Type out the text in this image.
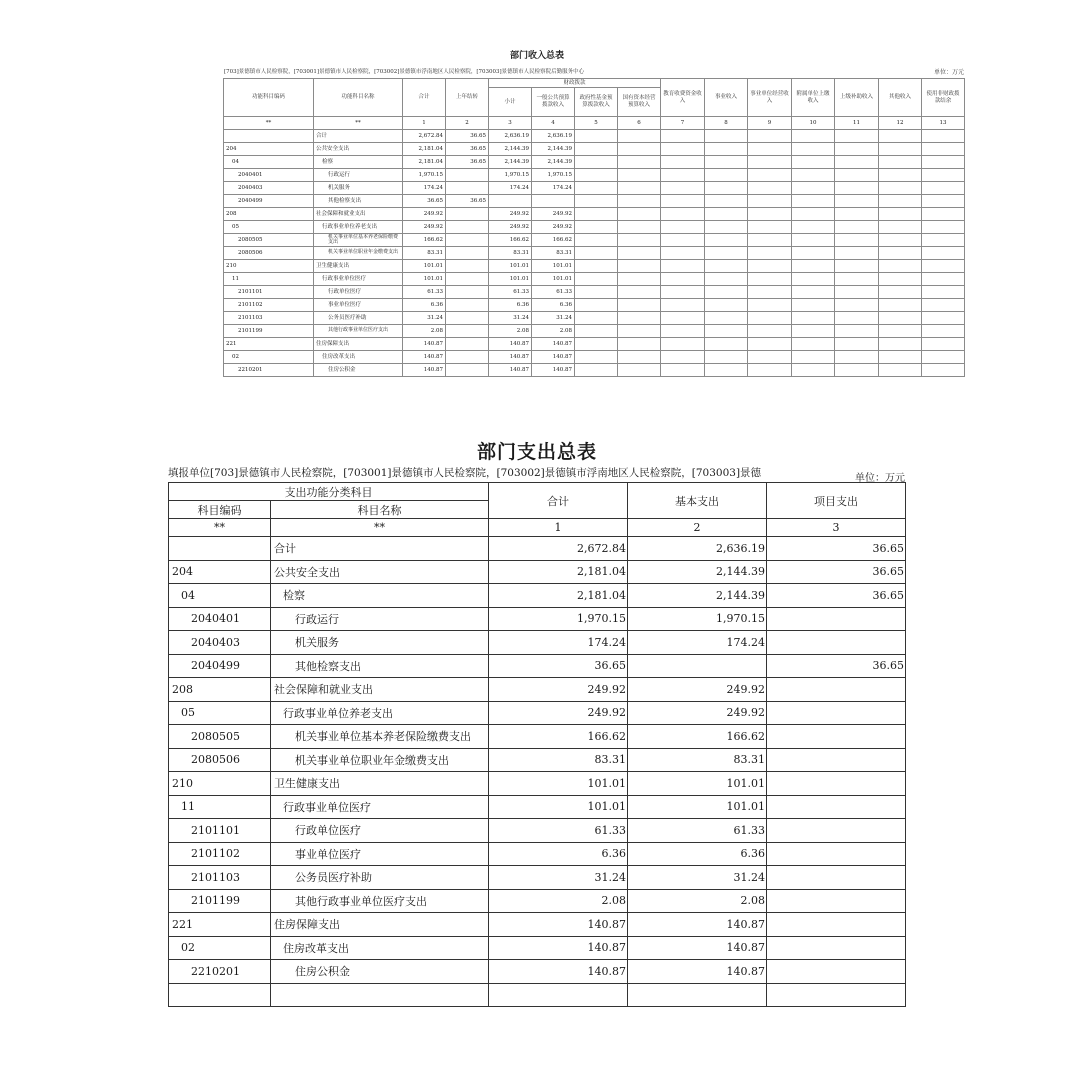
部门收入总表
[703]景德镇市人民检察院，[703001]景德镇市人民检察院，[703002]景德镇市浮南地区人民检察院，[703003]景德镇市人民检察院后勤服务中心	单位：万元
功能科目编码	功能科目名称	合计	上年结转	财政拨款				教育收费资金收入	事业收入	事业单位经营收入	附属单位上缴收入	上级补助收入	其他收入	使用非财政拨款结余
				小计	一般公共预算拨款收入	政府性基金预算拨款收入	国有资本经营预算收入							
**	**	1	2	3	4	5	6	7	8	9	10	11	12	13
	合计	2,672.84	36.65	2,636.19	2,636.19									
204	公共安全支出	2,181.04	36.65	2,144.39	2,144.39									
04	检察	2,181.04	36.65	2,144.39	2,144.39									
2040401	行政运行	1,970.15		1,970.15	1,970.15									
2040403	机关服务	174.24		174.24	174.24									
2040499	其他检察支出	36.65	36.65											
208	社会保障和就业支出	249.92		249.92	249.92									
05	行政事业单位养老支出	249.92		249.92	249.92									
2080505	机关事业单位基本养老保险缴费支出	166.62		166.62	166.62									
2080506	机关事业单位职业年金缴费支出	83.31		83.31	83.31									
210	卫生健康支出	101.01		101.01	101.01									
11	行政事业单位医疗	101.01		101.01	101.01									
2101101	行政单位医疗	61.33		61.33	61.33									
2101102	事业单位医疗	6.36		6.36	6.36									
2101103	公务员医疗补助	31.24		31.24	31.24									
2101199	其他行政事业单位医疗支出	2.08		2.08	2.08									
221	住房保障支出	140.87		140.87	140.87									
02	住房改革支出	140.87		140.87	140.87									
2210201	住房公积金	140.87		140.87	140.87									
部门支出总表
填报单位[703]景德镇市人民检察院，[703001]景德镇市人民检察院，[703002]景德镇市浮南地区人民检察院，[703003]景德	单位：万元
支出功能分类科目		合计	基本支出	项目支出
科目编码	科目名称			
**	**	1	2	3
	合计	2,672.84	2,636.19	36.65
204	公共安全支出	2,181.04	2,144.39	36.65
04	检察	2,181.04	2,144.39	36.65
2040401	行政运行	1,970.15	1,970.15	
2040403	机关服务	174.24	174.24	
2040499	其他检察支出	36.65		36.65
208	社会保障和就业支出	249.92	249.92	
05	行政事业单位养老支出	249.92	249.92	
2080505	机关事业单位基本养老保险缴费支出	166.62	166.62	
2080506	机关事业单位职业年金缴费支出	83.31	83.31	
210	卫生健康支出	101.01	101.01	
11	行政事业单位医疗	101.01	101.01	
2101101	行政单位医疗	61.33	61.33	
2101102	事业单位医疗	6.36	6.36	
2101103	公务员医疗补助	31.24	31.24	
2101199	其他行政事业单位医疗支出	2.08	2.08	
221	住房保障支出	140.87	140.87	
02	住房改革支出	140.87	140.87	
2210201	住房公积金	140.87	140.87	
